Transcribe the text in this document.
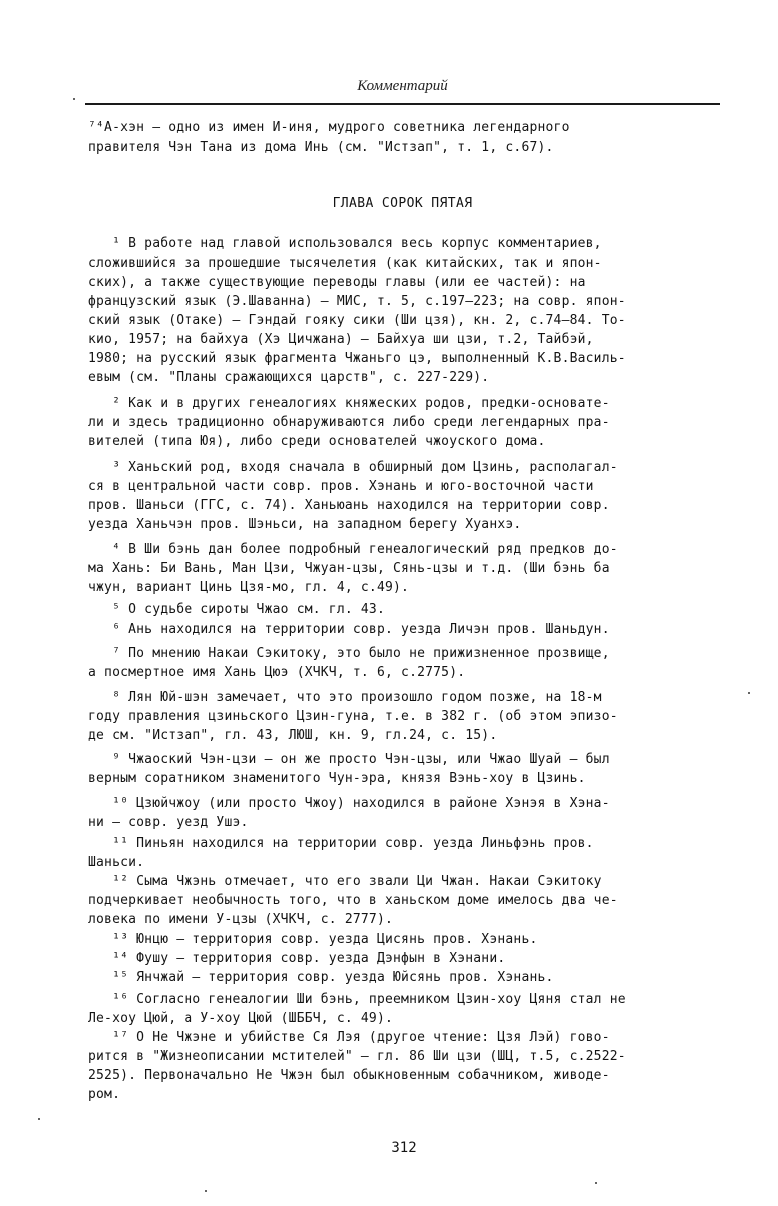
Комментарий
⁷⁴А-хэн — одно из имен И-иня, мудрого советника легендарного
правителя Чэн Тана из дома Инь (см. "Истзап", т. 1, с.67).
ГЛАВА СОРОК ПЯТАЯ
¹ В работе над главой использовался весь корпус комментариев,
сложившийся за прошедшие тысячелетия (как китайских, так и япон-
ских), а также существующие переводы главы (или ее частей): на
французский язык (Э.Шаванна) — МИС, т. 5, с.197—223; на совр. япон-
ский язык (Отаке) — Гэндай гояку сики (Ши цзя), кн. 2, с.74—84. То-
кио, 1957; на байхуа (Хэ Цичжана) — Байхуа ши цзи, т.2, Тайбэй,
1980; на русский язык фрагмента Чжаньго цэ, выполненный К.В.Василь-
евым (см. "Планы сражающихся царств", с. 227-229).
² Как и в других генеалогиях княжеских родов, предки-основате-
ли и здесь традиционно обнаруживаются либо среди легендарных пра-
вителей (типа Юя), либо среди основателей чжоуского дома.
³ Ханьский род, входя сначала в обширный дом Цзинь, располагал-
ся в центральной части совр. пров. Хэнань и юго-восточной части
пров. Шаньси (ГГС, с. 74). Ханьюань находился на территории совр.
уезда Ханьчэн пров. Шэньси, на западном берегу Хуанхэ.
⁴ В Ши бэнь дан более подробный генеалогический ряд предков до-
ма Хань: Би Вань, Ман Цзи, Чжуан-цзы, Сянь-цзы и т.д. (Ши бэнь ба
чжун, вариант Цинь Цзя-мо, гл. 4, с.49).
⁵ О судьбе сироты Чжао см. гл. 43.
⁶ Ань находился на территории совр. уезда Личэн пров. Шаньдун.
⁷ По мнению Накаи Сэкитоку, это было не прижизненное прозвище,
а посмертное имя Хань Цюэ (ХЧКЧ, т. 6, с.2775).
⁸ Лян Юй-шэн замечает, что это произошло годом позже, на 18-м
году правления цзиньского Цзин-гуна, т.е. в 382 г. (об этом эпизо-
де см. "Истзап", гл. 43, ЛЮШ, кн. 9, гл.24, с. 15).
⁹ Чжаоский Чэн-цзи — он же просто Чэн-цзы, или Чжао Шуай — был
верным соратником знаменитого Чун-эра, князя Вэнь-хоу в Цзинь.
¹⁰ Цзюйчжоу (или просто Чжоу) находился в районе Хэнэя в Хэна-
ни — совр. уезд Ушэ.
¹¹ Пиньян находился на территории совр. уезда Линьфэнь пров.
Шаньси.
¹² Сыма Чжэнь отмечает, что его звали Ци Чжан. Накаи Сэкитоку
подчеркивает необычность того, что в ханьском доме имелось два че-
ловека по имени У-цзы (ХЧКЧ, с. 2777).
¹³ Юнцю — территория совр. уезда Цисянь пров. Хэнань.
¹⁴ Фушу — территория совр. уезда Дэнфын в Хэнани.
¹⁵ Янчжай — территория совр. уезда Юйсянь пров. Хэнань.
¹⁶ Согласно генеалогии Ши бэнь, преемником Цзин-хоу Цяня стал не
Ле-хоу Цюй, а У-хоу Цюй (ШББЧ, с. 49).
¹⁷ О Не Чжэне и убийстве Ся Лэя (другое чтение: Цзя Лэй) гово-
рится в "Жизнеописании мстителей" — гл. 86 Ши цзи (ШЦ, т.5, с.2522-
2525). Первоначально Не Чжэн был обыкновенным собачником, живоде-
ром.
312
